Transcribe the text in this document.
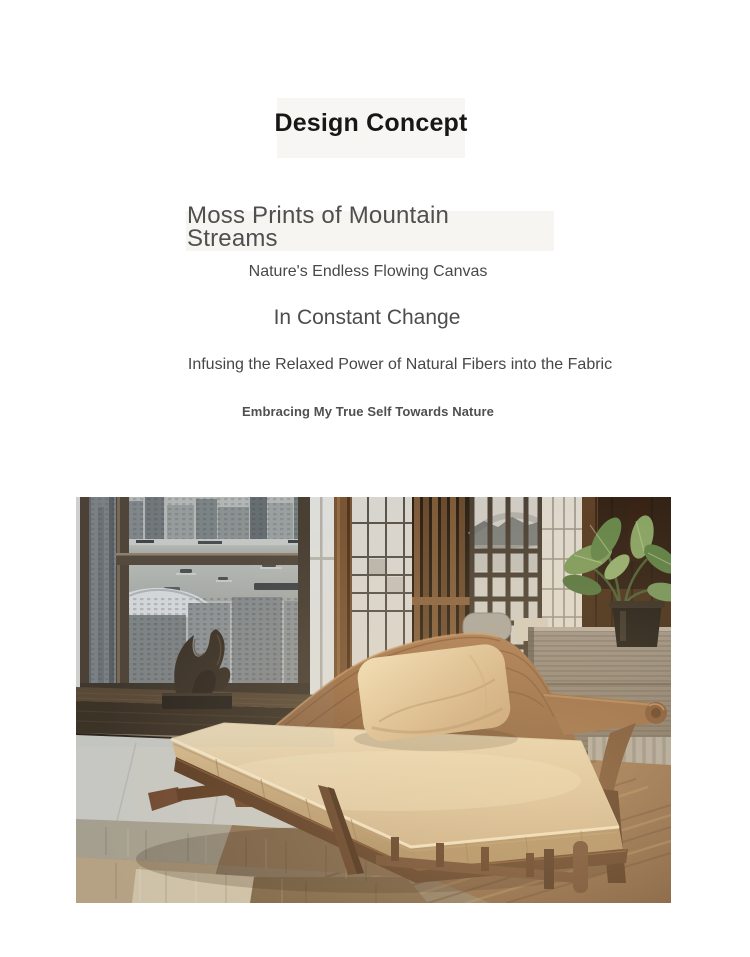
Design Concept
Moss Prints of Mountain Streams

Nature's Endless Flowing Canvas

In Constant Change

Infusing the Relaxed Power of Natural Fibers into the Fabric

Embracing My True Self Towards Nature
